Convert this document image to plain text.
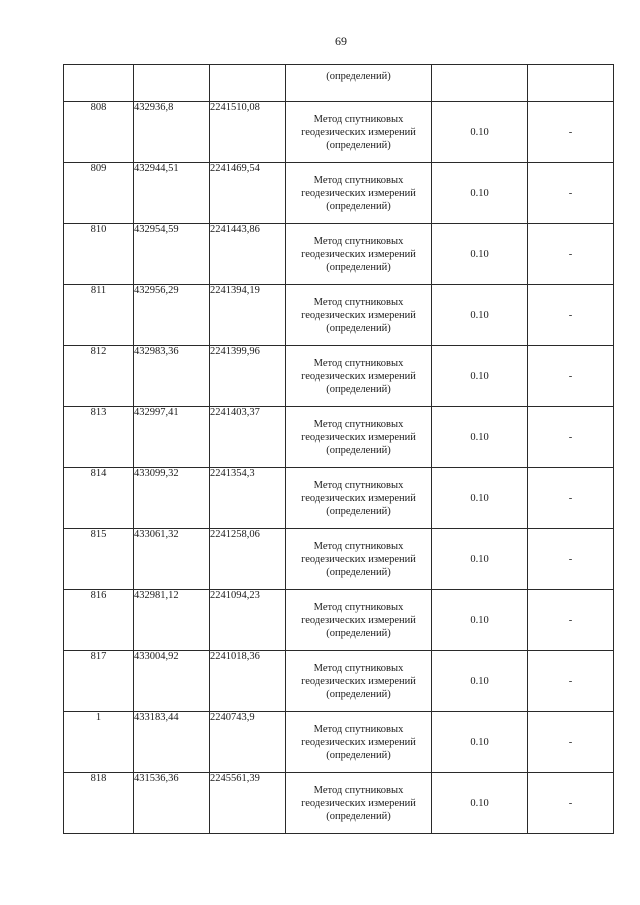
69
			(определений)		
808	432936,8	2241510,08	Метод спутниковых
геодезических измерений
(определений)	0.10	-
809	432944,51	2241469,54	Метод спутниковых
геодезических измерений
(определений)	0.10	-
810	432954,59	2241443,86	Метод спутниковых
геодезических измерений
(определений)	0.10	-
811	432956,29	2241394,19	Метод спутниковых
геодезических измерений
(определений)	0.10	-
812	432983,36	2241399,96	Метод спутниковых
геодезических измерений
(определений)	0.10	-
813	432997,41	2241403,37	Метод спутниковых
геодезических измерений
(определений)	0.10	-
814	433099,32	2241354,3	Метод спутниковых
геодезических измерений
(определений)	0.10	-
815	433061,32	2241258,06	Метод спутниковых
геодезических измерений
(определений)	0.10	-
816	432981,12	2241094,23	Метод спутниковых
геодезических измерений
(определений)	0.10	-
817	433004,92	2241018,36	Метод спутниковых
геодезических измерений
(определений)	0.10	-
1	433183,44	2240743,9	Метод спутниковых
геодезических измерений
(определений)	0.10	-
818	431536,36	2245561,39	Метод спутниковых
геодезических измерений
(определений)	0.10	-
